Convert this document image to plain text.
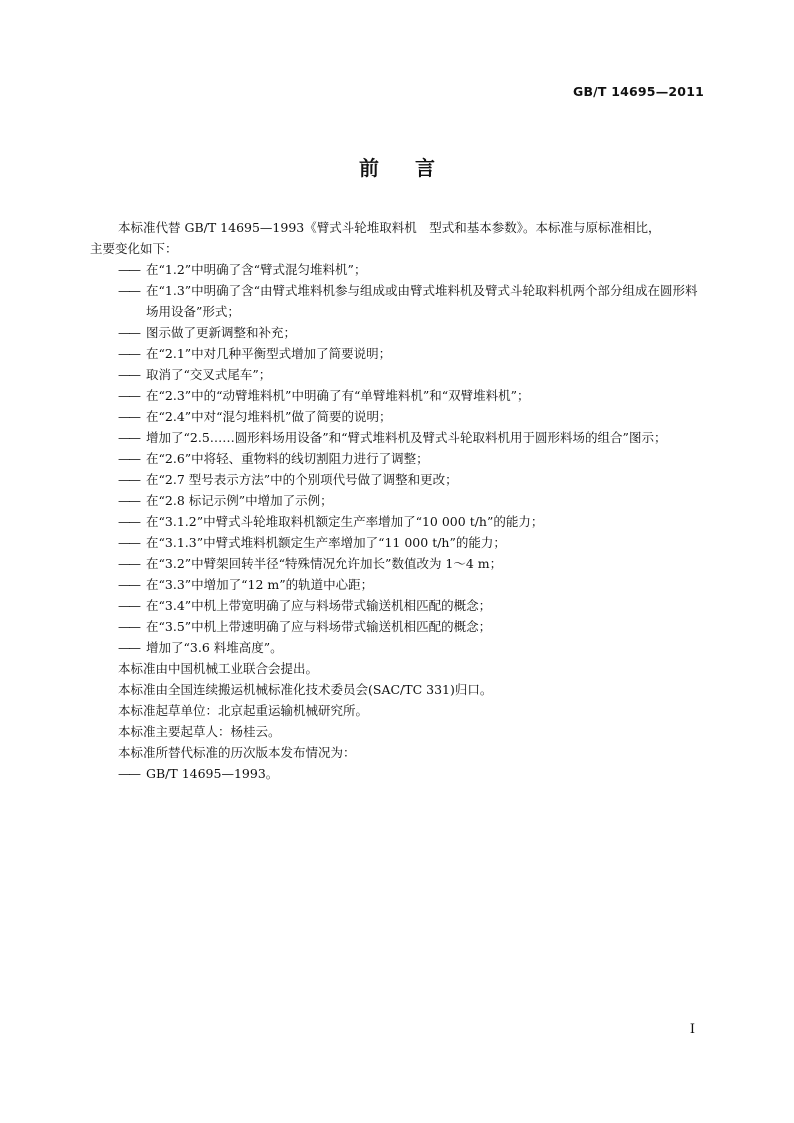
GB/T 14695—2011
前言

本标准代替 GB/T 14695—1993《臂式斗轮堆取料机　型式和基本参数》。本标准与原标准相比，

主要变化如下：

—— 在“1.2”中明确了含“臂式混匀堆料机”；

—— 在“1.3”中明确了含“由臂式堆料机参与组成或由臂式堆料机及臂式斗轮取料机两个部分组成在圆形料场用设备”形式；

—— 图示做了更新调整和补充；

—— 在“2.1”中对几种平衡型式增加了简要说明；

—— 取消了“交叉式尾车”；

—— 在“2.3”中的“动臂堆料机”中明确了有“单臂堆料机”和“双臂堆料机”；

—— 在“2.4”中对“混匀堆料机”做了简要的说明；

—— 增加了“2.5……圆形料场用设备”和“臂式堆料机及臂式斗轮取料机用于圆形料场的组合”图示；

—— 在“2.6”中将轻、重物料的线切割阻力进行了调整；

—— 在“2.7 型号表示方法”中的个别项代号做了调整和更改；

—— 在“2.8 标记示例”中增加了示例；

—— 在“3.1.2”中臂式斗轮堆取料机额定生产率增加了“10 000 t/h”的能力；

—— 在“3.1.3”中臂式堆料机额定生产率增加了“11 000 t/h”的能力；

—— 在“3.2”中臂架回转半径“特殊情况允许加长”数值改为 1～4 m；

—— 在“3.3”中增加了“12 m”的轨道中心距；

—— 在“3.4”中机上带宽明确了应与料场带式输送机相匹配的概念；

—— 在“3.5”中机上带速明确了应与料场带式输送机相匹配的概念；

—— 增加了“3.6 料堆高度”。

本标准由中国机械工业联合会提出。

本标准由全国连续搬运机械标准化技术委员会(SAC/TC 331)归口。

本标准起草单位：北京起重运输机械研究所。

本标准主要起草人：杨桂云。

本标准所替代标准的历次版本发布情况为：

—— GB/T 14695—1993。

I
